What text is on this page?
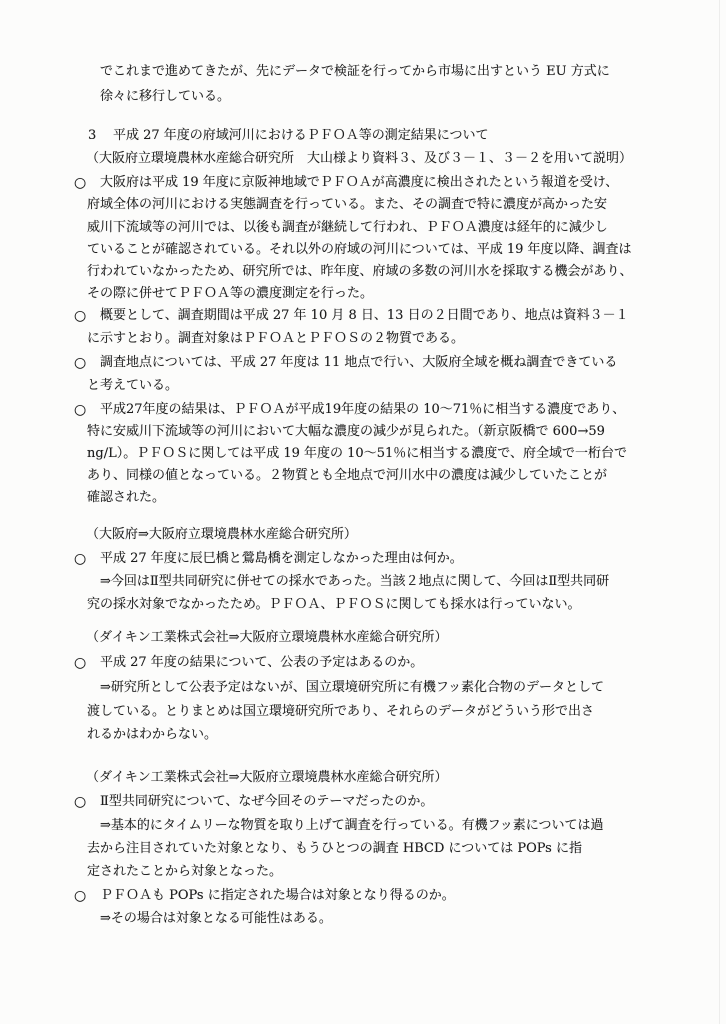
でこれまで進めてきたが、先にデータで検証を行ってから市場に出すという EU 方式に
徐々に移行している。
3 平成 27 年度の府域河川におけるＰＦＯＡ等の測定結果について
（大阪府立環境農林水産総合研究所　大山様より資料３、及び３－１、３－２を用いて説明）
○ 大阪府は平成 19 年度に京阪神地域でＰＦＯＡが高濃度に検出されたという報道を受け、
府域全体の河川における実態調査を行っている。また、その調査で特に濃度が高かった安
威川下流域等の河川では、以後も調査が継続して行われ、ＰＦＯＡ濃度は経年的に減少し
ていることが確認されている。それ以外の府域の河川については、平成 19 年度以降、調査は
行われていなかったため、研究所では、昨年度、府域の多数の河川水を採取する機会があり、
その際に併せてＰＦＯＡ等の濃度測定を行った。
○ 概要として、調査期間は平成 27 年 10 月 8 日、13 日の２日間であり、地点は資料３－１
に示すとおり。調査対象はＰＦＯＡとＰＦＯＳの２物質である。
○ 調査地点については、平成 27 年度は 11 地点で行い、大阪府全域を概ね調査できている
と考えている。
○ 平成27年度の結果は、ＰＦＯＡが平成19年度の結果の 10～71％に相当する濃度であり、
特に安威川下流域等の河川において大幅な濃度の減少が見られた。（新京阪橋で 600→59
ng/L）。ＰＦＯＳに関しては平成 19 年度の 10～51％に相当する濃度で、府全域で一桁台で
あり、同様の値となっている。２物質とも全地点で河川水中の濃度は減少していたことが
確認された。
（大阪府⇒大阪府立環境農林水産総合研究所）
○ 平成 27 年度に辰巳橋と鶯島橋を測定しなかった理由は何か。
⇒今回はⅡ型共同研究に併せての採水であった。当該２地点に関して、今回はⅡ型共同研
究の採水対象でなかったため。ＰＦＯＡ、ＰＦＯＳに関しても採水は行っていない。
（ダイキン工業株式会社⇒大阪府立環境農林水産総合研究所）
○ 平成 27 年度の結果について、公表の予定はあるのか。
⇒研究所として公表予定はないが、国立環境研究所に有機フッ素化合物のデータとして
渡している。とりまとめは国立環境研究所であり、それらのデータがどういう形で出さ
れるかはわからない。
（ダイキン工業株式会社⇒大阪府立環境農林水産総合研究所）
○ Ⅱ型共同研究について、なぜ今回そのテーマだったのか。
⇒基本的にタイムリーな物質を取り上げて調査を行っている。有機フッ素については過
去から注目されていた対象となり、もうひとつの調査 HBCD については POPs に指
定されたことから対象となった。
○ ＰＦＯＡも POPs に指定された場合は対象となり得るのか。
⇒その場合は対象となる可能性はある。
